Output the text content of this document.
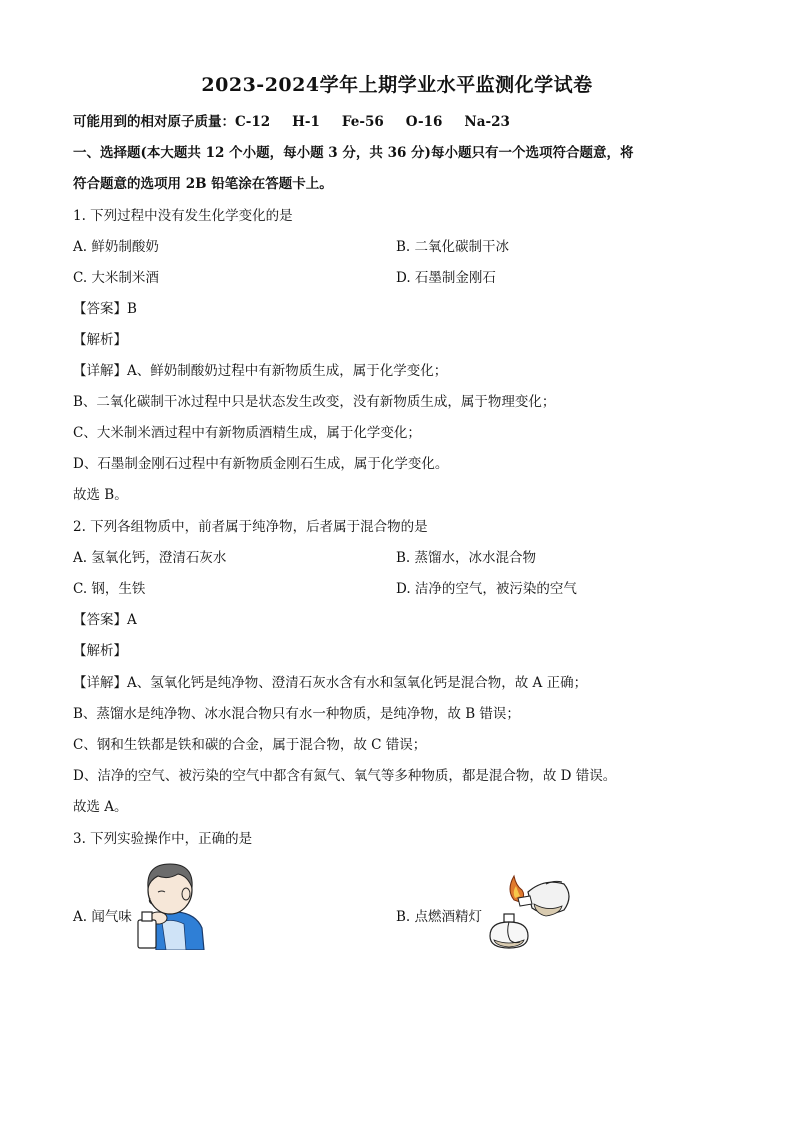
2023-2024学年上期学业水平监测化学试卷
可能用到的相对原子质量：C-12 H-1 Fe-56 O-16 Na-23
一、选择题(本大题共 12 个小题，每小题 3 分，共 36 分)每小题只有一个选项符合题意，将
符合题意的选项用 2B 铅笔涂在答题卡上。
1. 下列过程中没有发生化学变化的是
A. 鲜奶制酸奶	B. 二氧化碳制干冰
C. 大米制米酒	D. 石墨制金刚石
【答案】B
【解析】
【详解】A、鲜奶制酸奶过程中有新物质生成，属于化学变化；
B、二氧化碳制干冰过程中只是状态发生改变，没有新物质生成，属于物理变化；
C、大米制米酒过程中有新物质酒精生成，属于化学变化；
D、石墨制金刚石过程中有新物质金刚石生成，属于化学变化。
故选 B。
2. 下列各组物质中，前者属于纯净物，后者属于混合物的是
A. 氢氧化钙，澄清石灰水	B. 蒸馏水，冰水混合物
C. 钢，生铁	D. 洁净的空气，被污染的空气
【答案】A
【解析】
【详解】A、氢氧化钙是纯净物、澄清石灰水含有水和氢氧化钙是混合物，故 A 正确；
B、蒸馏水是纯净物、冰水混合物只有水一种物质，是纯净物，故 B 错误；
C、钢和生铁都是铁和碳的合金，属于混合物，故 C 错误；
D、洁净的空气、被污染的空气中都含有氮气、氧气等多种物质，都是混合物，故 D 错误。
故选 A。
3. 下列实验操作中，正确的是
A. 闻气味	B. 点燃酒精灯
